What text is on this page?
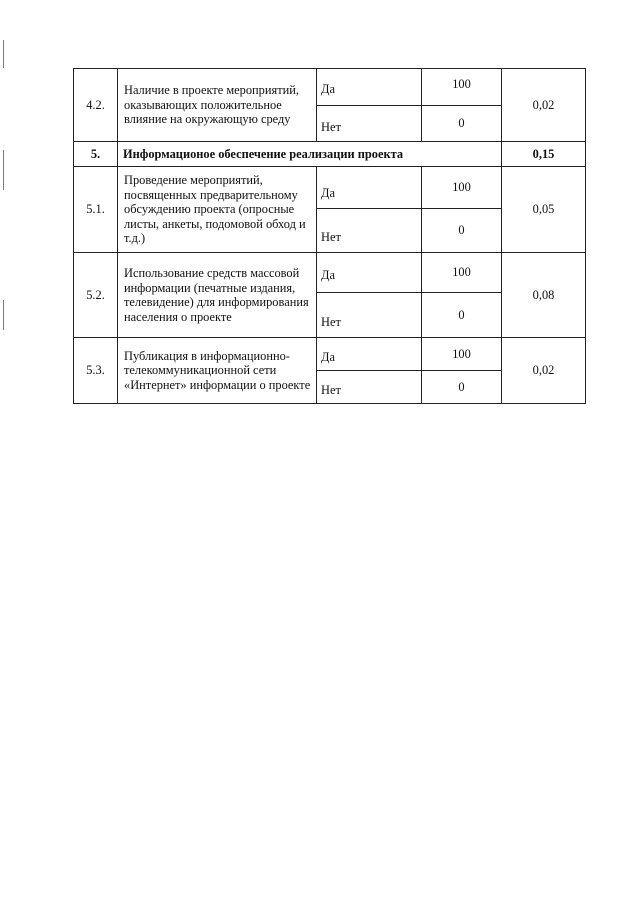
4.2.	Наличие в проекте мероприятий, оказывающих положительное влияние на окружающую среду	Да	100	0,02

		Нет	0	
5.	Информационое обеспечение реализации проекта			0,15
5.1.	Проведение мероприятий, посвященных предварительному обсуждению проекта (опросные листы, анкеты, подомовой обход и т.д.)	Да	100	0,05

		Нет	0	
5.2.	Использование средств массовой информации (печатные издания, телевидение) для информирования населения о проекте	Да	100	0,08

		Нет	0	
5.3.	Публикация в информационно-телекоммуникационной сети «Интернет» информации о проекте	Да	100	0,02

		Нет	0	
